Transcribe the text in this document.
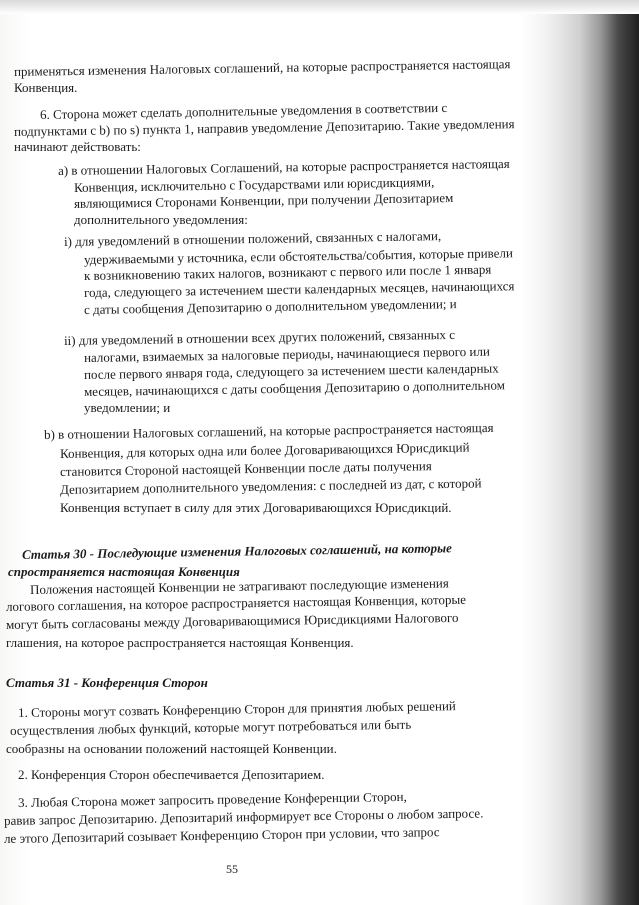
применяться изменения Налоговых соглашений, на которые распространяется настоящая

Конвенция.

6. Сторона может сделать дополнительные уведомления в соответствии с

подпунктами с b) по s) пункта 1, направив уведомление Депозитарию. Такие уведомления

начинают действовать:

a) в отношении Налоговых Соглашений, на которые распространяется настоящая

Конвенция, исключительно с Государствами или юрисдикциями,

являющимися Сторонами Конвенции, при получении Депозитарием

дополнительного уведомления:

i) для уведомлений в отношении положений, связанных с налогами,

удерживаемыми у источника, если обстоятельства/события, которые привели

к возникновению таких налогов, возникают с первого или после 1 января

года, следующего за истечением шести календарных месяцев, начинающихся

с даты сообщения Депозитарию о дополнительном уведомлении; и

ii) для уведомлений в отношении всех других положений, связанных с

налогами, взимаемых за налоговые периоды, начинающиеся первого или

после первого января года, следующего за истечением шести календарных

месяцев, начинающихся с даты сообщения Депозитарию о дополнительном

уведомлении; и

b) в отношении Налоговых соглашений, на которые распространяется настоящая

Конвенция, для которых одна или более Договаривающихся Юрисдикций

становится Стороной настоящей Конвенции после даты получения

Депозитарием дополнительного уведомления: с последней из дат, с которой

Конвенция вступает в силу для этих Договаривающихся Юрисдикций.

Статья 30 - Последующие изменения Налоговых соглашений, на которые

спространяется настоящая Конвенция

Положения настоящей Конвенции не затрагивают последующие изменения

логового соглашения, на которое распространяется настоящая Конвенция, которые

могут быть согласованы между Договаривающимися Юрисдикциями Налогового

глашения, на которое распространяется настоящая Конвенция.

Статья 31 - Конференция Сторон

1. Стороны могут созвать Конференцию Сторон для принятия любых решений

осуществления любых функций, которые могут потребоваться или быть

сообразны на основании положений настоящей Конвенции.

2. Конференция Сторон обеспечивается Депозитарием.

3. Любая Сторона может запросить проведение Конференции Сторон,

равив запрос Депозитарию. Депозитарий информирует все Стороны о любом запросе.

ле этого Депозитарий созывает Конференцию Сторон при условии, что запрос

55
